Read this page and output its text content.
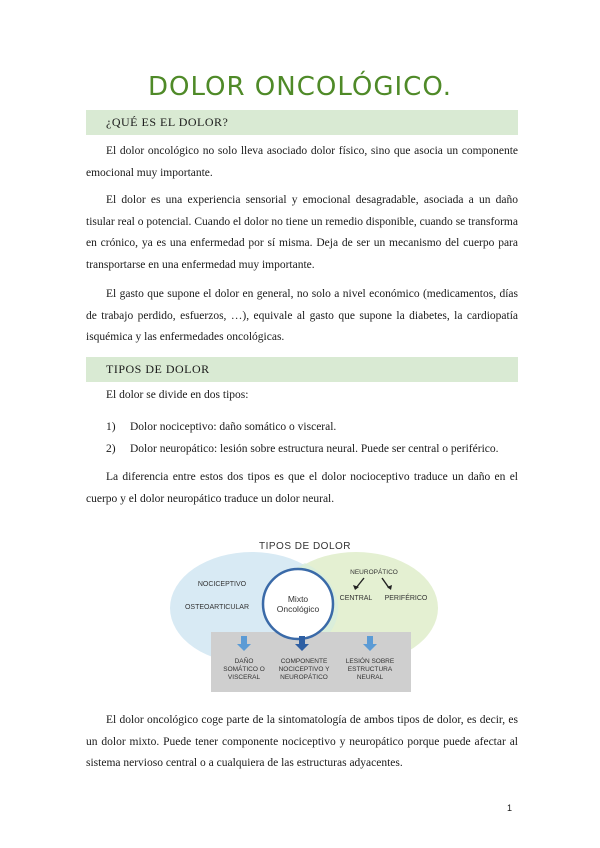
DOLOR ONCOLÓGICO.
¿QUÉ ES EL DOLOR?

El dolor oncológico no solo lleva asociado dolor físico, sino que asocia un componente emocional muy importante.

El dolor es una experiencia sensorial y emocional desagradable, asociada a un daño tisular real o potencial. Cuando el dolor no tiene un remedio disponible, cuando se transforma en crónico, ya es una enfermedad por sí misma. Deja de ser un mecanismo del cuerpo para transportarse en una enfermedad muy importante.

El gasto que supone el dolor en general, no solo a nivel económico (medicamentos, días de trabajo perdido, esfuerzos, …), equivale al gasto que supone la diabetes, la cardiopatía isquémica y las enfermedades oncológicas.

TIPOS DE DOLOR

El dolor se divide en dos tipos:

1) Dolor nociceptivo: daño somático o visceral.
2) Dolor neuropático: lesión sobre estructura neural. Puede ser central o periférico.

La diferencia entre estos dos tipos es que el dolor nocioceptivo traduce un daño en el cuerpo y el dolor neuropático traduce un dolor neural.

TIPOS DE DOLOR
NOCICEPTIVO
OSTEOARTICULAR
NEUROPÁTICO
CENTRAL PERIFÉRICO
Mixto
Oncológico
DAÑO
SOMÁTICO O
VISCERAL
COMPONENTE
NOCICEPTIVO Y
NEUROPÁTICO
LESIÓN SOBRE
ESTRUCTURA
NEURAL

El dolor oncológico coge parte de la sintomatología de ambos tipos de dolor, es decir, es un dolor mixto. Puede tener componente nociceptivo y neuropático porque puede afectar al sistema nervioso central o a cualquiera de las estructuras adyacentes.

1
